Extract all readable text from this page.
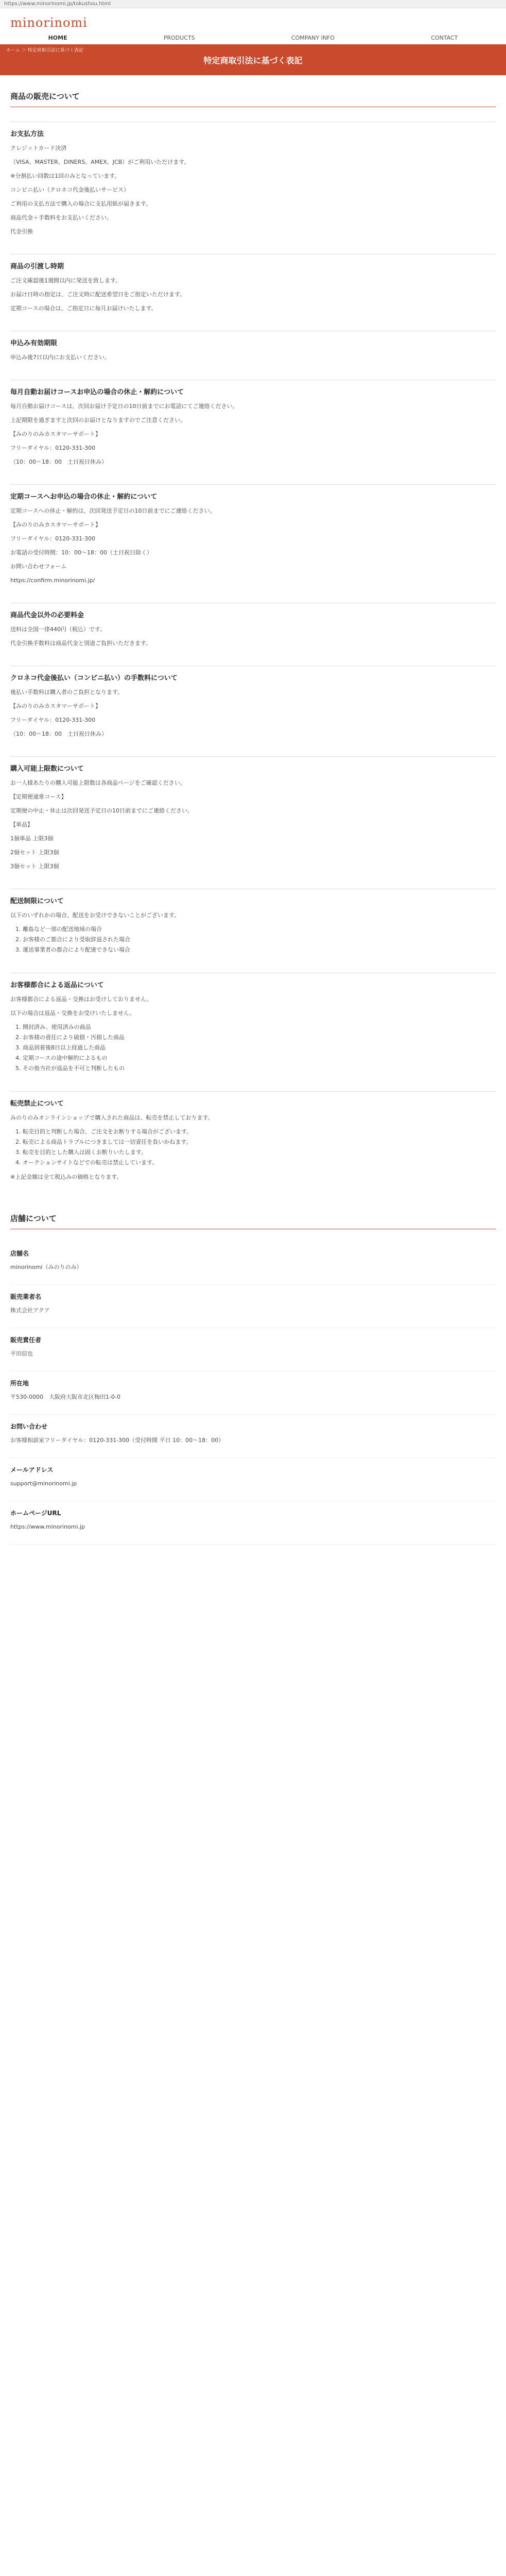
https://www.minorinomi.jp/tokushou.html
minorinomi
HOME	PRODUCTS	COMPANY INFO	CONTACT
ホーム ＞ 特定商取引法に基づく表記
特定商取引法に基づく表記
商品の販売について
お支払方法

クレジットカード決済

（VISA、MASTER、DINERS、AMEX、JCB）がご利用いただけます。

※分割払い回数は1回のみとなっています。

コンビニ払い（クロネコ代金後払いサービス）

ご利用の支払方法で購入の場合に支払用紙が届きます。

商品代金＋手数料をお支払いください。

代金引換

商品の引渡し時期

ご注文確認後1週間以内に発送を致します。

お届け日時の指定は、ご注文時に配送希望日をご指定いただけます。

定期コースの場合は、ご指定日に毎月お届けいたします。

申込み有効期限

申込み後7日以内にお支払いください。

毎月自動お届けコースお申込の場合の休止・解約について

毎月自動お届けコースは、次回お届け予定日の10日前までにお電話にてご連絡ください。

上記期限を過ぎますと次回のお届けとなりますのでご注意ください。

【みのりのみカスタマーサポート】

フリーダイヤル：0120-331-300

（10：00～18：00　土日祝日休み）

定期コースへお申込の場合の休止・解約について

定期コースへの休止・解約は、次回発送予定日の10日前までにご連絡ください。

【みのりのみカスタマーサポート】

フリーダイヤル：0120-331-300

お電話の受付時間：10：00～18：00（土日祝日除く）

お問い合わせフォーム

https://confirm.minorinomi.jp/

商品代金以外の必要料金

送料は全国一律440円（税込）です。

代金引換手数料は商品代金と別途ご負担いただきます。

クロネコ代金後払い（コンビニ払い）の手数料について

後払い手数料は購入者のご負担となります。

【みのりのみカスタマーサポート】

フリーダイヤル：0120-331-300

（10：00～18：00　土日祝日休み）

購入可能上限数について

お一人様あたりの購入可能上限数は各商品ページをご確認ください。

【定期便通常コース】

定期便の中止・休止は次回発送予定日の10日前までにご連絡ください。

【単品】

1個単品 上限3個

2個セット 上限3個

3個セット 上限3個

配送制限について

以下のいずれかの場合、配送をお受けできないことがございます。

1. 離島など一部の配送地域の場合
2. お客様のご都合により受取辞退された場合
3. 運送事業者の都合により配達できない場合
お客様都合による返品について

お客様都合による返品・交換はお受けしておりません。

以下の場合は返品・交換をお受けいたしません。

1. 開封済み、使用済みの商品
2. お客様の責任により破損・汚損した商品
3. 商品到着後8日以上経過した商品
4. 定期コースの途中解約によるもの
5. その他当社が返品を不可と判断したもの
転売禁止について

みのりのみオンラインショップで購入された商品は、転売を禁止しております。

1. 転売目的と判断した場合、ご注文をお断りする場合がございます。
2. 転売による商品トラブルにつきましては一切責任を負いかねます。
3. 転売を目的とした購入は固くお断りいたします。
4. オークションサイトなどでの転売は禁止しています。

※上記金額は全て税込みの価格となります。

店舗について
店舗名
minorinomi（みのりのみ）
販売業者名
株式会社アクア
販売責任者
平田信也
所在地
〒530-0000　大阪府大阪市北区梅田1-0-0
お問い合わせ
お客様相談室フリーダイヤル：0120-331-300（受付時間 平日 10：00～18：00）
メールアドレス
support@minorinomi.jp
ホームページURL
https://www.minorinomi.jp
